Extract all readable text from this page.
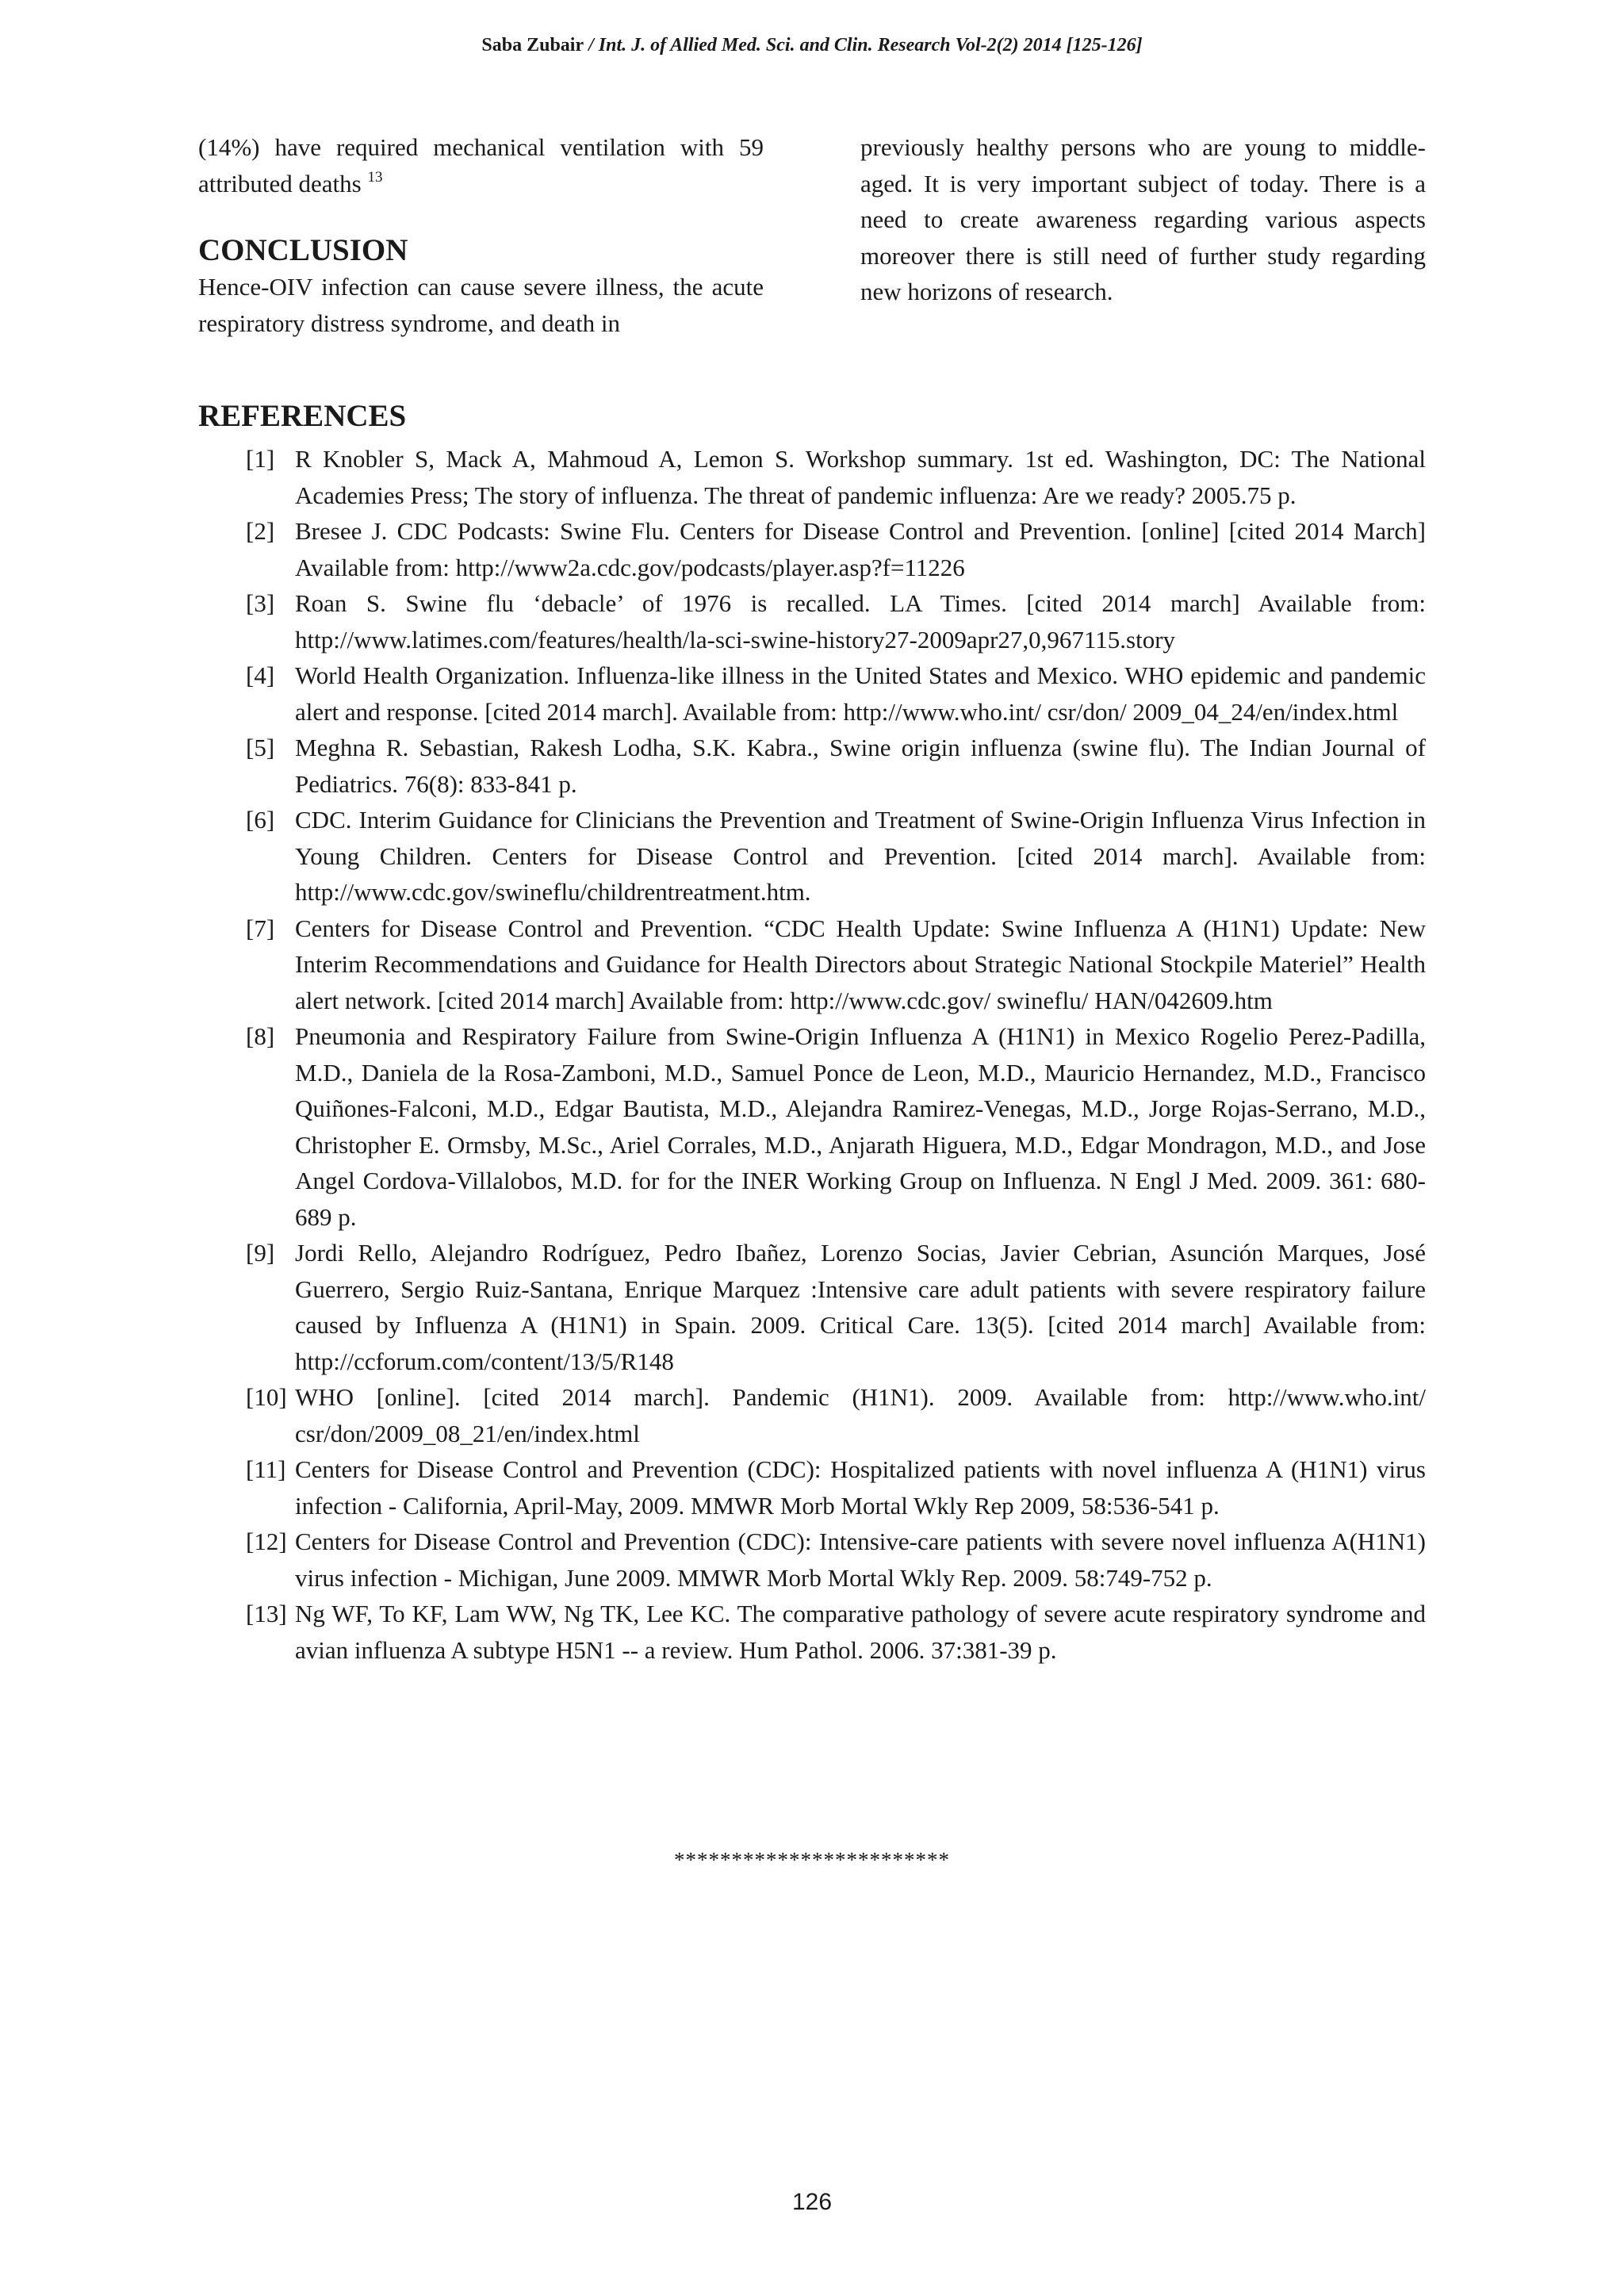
Saba Zubair / Int. J. of Allied Med. Sci. and Clin. Research Vol-2(2) 2014 [125-126]

(14%) have required mechanical ventilation with 59 attributed deaths $^{13}$

CONCLUSION

Hence-OIV infection can cause severe illness, the acute respiratory distress syndrome, and death in

previously healthy persons who are young to middle-aged. It is very important subject of today. There is a need to create awareness regarding various aspects moreover there is still need of further study regarding new horizons of research.

REFERENCES
[1] R Knobler S, Mack A, Mahmoud A, Lemon S. Workshop summary. 1st ed. Washington, DC: The National Academies Press; The story of influenza. The threat of pandemic influenza: Are we ready? 2005.75 p.
[2] Bresee J. CDC Podcasts: Swine Flu. Centers for Disease Control and Prevention. [online] [cited 2014 March] Available from: http://www2a.cdc.gov/podcasts/player.asp?f=11226
[3] Roan S. Swine flu ‘debacle’ of 1976 is recalled. LA Times. [cited 2014 march] Available from: http://www.latimes.com/features/health/la-sci-swine-history27-2009apr27,0,967115.story
[4] World Health Organization. Influenza-like illness in the United States and Mexico. WHO epidemic and pandemic alert and response. [cited 2014 march]. Available from: http://www.who.int/ csr/don/ 2009_04_24/en/index.html
[5] Meghna R. Sebastian, Rakesh Lodha, S.K. Kabra., Swine origin influenza (swine flu). The Indian Journal of Pediatrics. 76(8): 833-841 p.
[6] CDC. Interim Guidance for Clinicians the Prevention and Treatment of Swine-Origin Influenza Virus Infection in Young Children. Centers for Disease Control and Prevention. [cited 2014 march]. Available from: http://www.cdc.gov/swineflu/childrentreatment.htm.
[7] Centers for Disease Control and Prevention. “CDC Health Update: Swine Influenza A (H1N1) Update: New Interim Recommendations and Guidance for Health Directors about Strategic National Stockpile Materiel” Health alert network. [cited 2014 march] Available from: http://www.cdc.gov/ swineflu/ HAN/042609.htm
[8] Pneumonia and Respiratory Failure from Swine-Origin Influenza A (H1N1) in Mexico Rogelio Perez-Padilla, M.D., Daniela de la Rosa-Zamboni, M.D., Samuel Ponce de Leon, M.D., Mauricio Hernandez, M.D., Francisco Quiñones-Falconi, M.D., Edgar Bautista, M.D., Alejandra Ramirez-Venegas, M.D., Jorge Rojas-Serrano, M.D., Christopher E. Ormsby, M.Sc., Ariel Corrales, M.D., Anjarath Higuera, M.D., Edgar Mondragon, M.D., and Jose Angel Cordova-Villalobos, M.D. for for the INER Working Group on Influenza. N Engl J Med. 2009. 361: 680-689 p.
[9] Jordi Rello, Alejandro Rodríguez, Pedro Ibañez, Lorenzo Socias, Javier Cebrian, Asunción Marques, José Guerrero, Sergio Ruiz-Santana, Enrique Marquez :Intensive care adult patients with severe respiratory failure caused by Influenza A (H1N1) in Spain. 2009. Critical Care. 13(5). [cited 2014 march] Available from: http://ccforum.com/content/13/5/R148
[10] WHO [online]. [cited 2014 march]. Pandemic (H1N1). 2009. Available from: http://www.who.int/ csr/don/2009_08_21/en/index.html
[11] Centers for Disease Control and Prevention (CDC): Hospitalized patients with novel influenza A (H1N1) virus infection - California, April-May, 2009. MMWR Morb Mortal Wkly Rep 2009, 58:536-541 p.
[12] Centers for Disease Control and Prevention (CDC): Intensive-care patients with severe novel influenza A(H1N1) virus infection - Michigan, June 2009. MMWR Morb Mortal Wkly Rep. 2009. 58:749-752 p.
[13] Ng WF, To KF, Lam WW, Ng TK, Lee KC. The comparative pathology of severe acute respiratory syndrome and avian influenza A subtype H5N1 -- a review. Hum Pathol. 2006. 37:381-39 p.
************************
126
